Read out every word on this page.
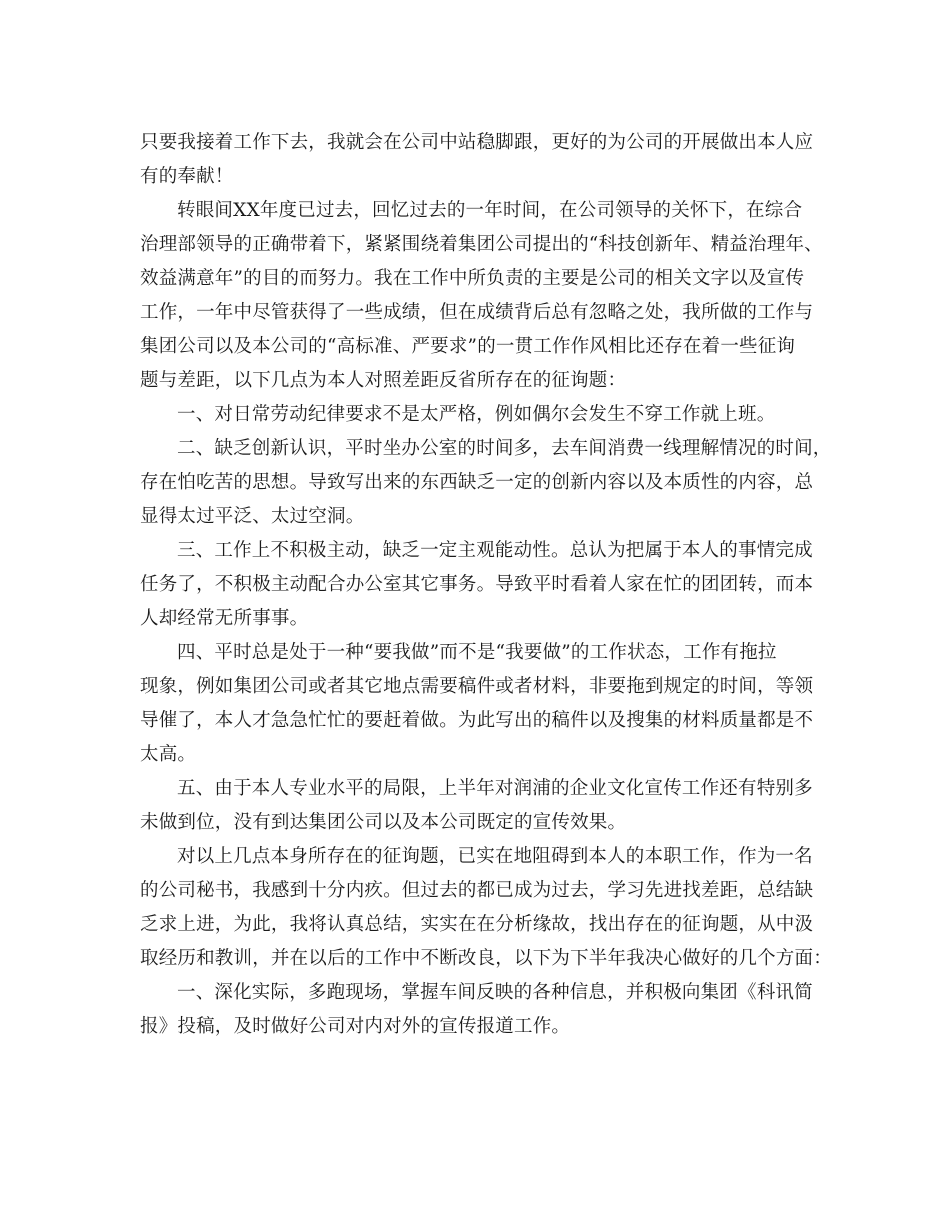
只要我接着工作下去，我就会在公司中站稳脚跟，更好的为公司的开展做出本人应
有的奉献！
转眼间XX年度已过去，回忆过去的一年时间，在公司领导的关怀下，在综合
治理部领导的正确带着下，紧紧围绕着集团公司提出的“科技创新年、精益治理年、
效益满意年”的目的而努力。我在工作中所负责的主要是公司的相关文字以及宣传
工作，一年中尽管获得了一些成绩，但在成绩背后总有忽略之处，我所做的工作与
集团公司以及本公司的“高标准、严要求”的一贯工作作风相比还存在着一些征询
题与差距，以下几点为本人对照差距反省所存在的征询题：
一、对日常劳动纪律要求不是太严格，例如偶尔会发生不穿工作就上班。
二、缺乏创新认识，平时坐办公室的时间多，去车间消费一线理解情况的时间，
存在怕吃苦的思想。导致写出来的东西缺乏一定的创新内容以及本质性的内容，总
显得太过平泛、太过空洞。
三、工作上不积极主动，缺乏一定主观能动性。总认为把属于本人的事情完成
任务了，不积极主动配合办公室其它事务。导致平时看着人家在忙的团团转，而本
人却经常无所事事。
四、平时总是处于一种“要我做”而不是“我要做”的工作状态，工作有拖拉
现象，例如集团公司或者其它地点需要稿件或者材料，非要拖到规定的时间，等领
导催了，本人才急急忙忙的要赶着做。为此写出的稿件以及搜集的材料质量都是不
太高。
五、由于本人专业水平的局限，上半年对润浦的企业文化宣传工作还有特别多
未做到位，没有到达集团公司以及本公司既定的宣传效果。
对以上几点本身所存在的征询题，已实在地阻碍到本人的本职工作，作为一名
的公司秘书，我感到十分内疚。但过去的都已成为过去，学习先进找差距，总结缺
乏求上进，为此，我将认真总结，实实在在分析缘故，找出存在的征询题，从中汲
取经历和教训，并在以后的工作中不断改良，以下为下半年我决心做好的几个方面：
一、深化实际，多跑现场，掌握车间反映的各种信息，并积极向集团《科讯简
报》投稿，及时做好公司对内对外的宣传报道工作。
